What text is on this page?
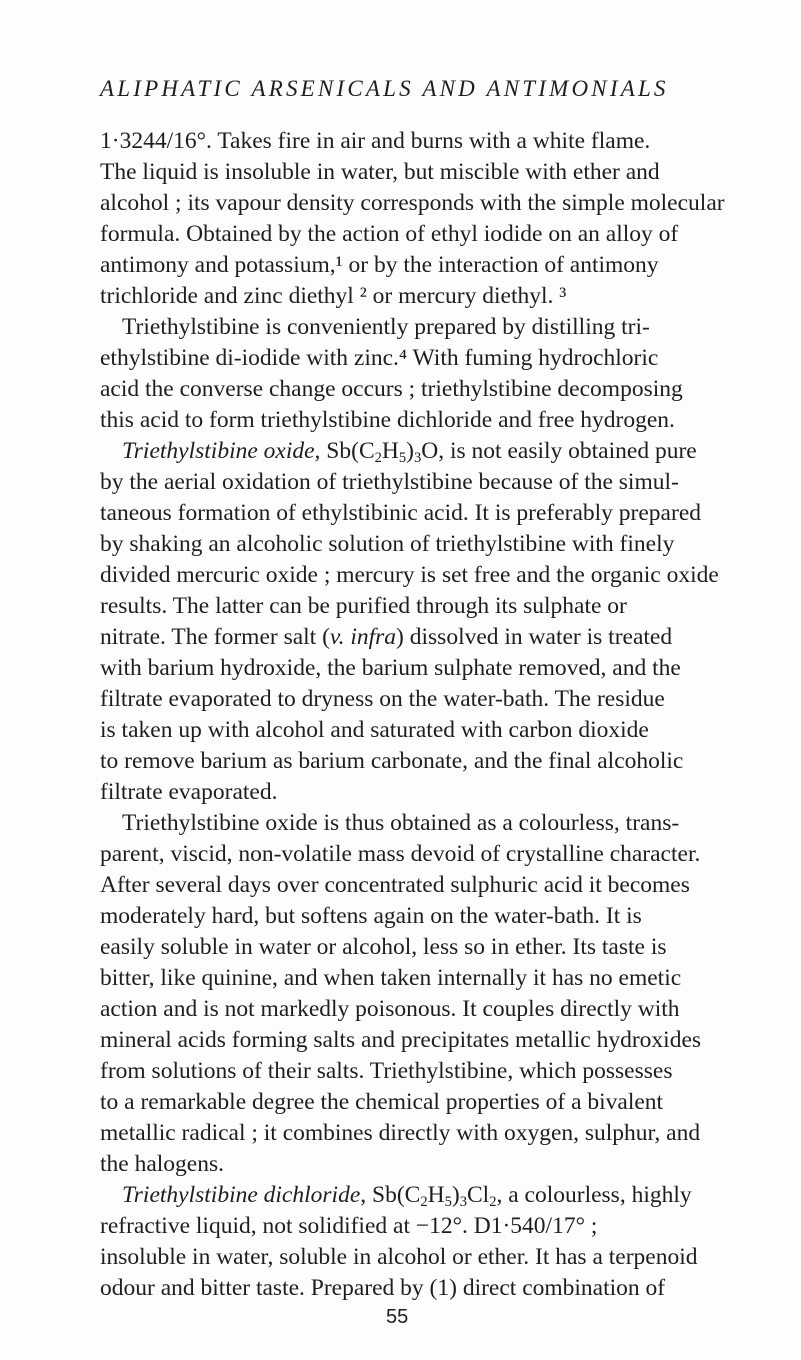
ALIPHATIC ARSENICALS AND ANTIMONIALS
1·3244/16°. Takes fire in air and burns with a white flame.
The liquid is insoluble in water, but miscible with ether and
alcohol ; its vapour density corresponds with the simple molecular
formula. Obtained by the action of ethyl iodide on an alloy of
antimony and potassium,¹ or by the interaction of antimony
trichloride and zinc diethyl ² or mercury diethyl. ³
Triethylstibine is conveniently prepared by distilling tri-
ethylstibine di-iodide with zinc.⁴ With fuming hydrochloric
acid the converse change occurs ; triethylstibine decomposing
this acid to form triethylstibine dichloride and free hydrogen.
Triethylstibine oxide, $Sb(C_2H_5)_3O$, is not easily obtained pure
by the aerial oxidation of triethylstibine because of the simul-
taneous formation of ethylstibinic acid. It is preferably prepared
by shaking an alcoholic solution of triethylstibine with finely
divided mercuric oxide ; mercury is set free and the organic oxide
results. The latter can be purified through its sulphate or
nitrate. The former salt (v. infra) dissolved in water is treated
with barium hydroxide, the barium sulphate removed, and the
filtrate evaporated to dryness on the water-bath. The residue
is taken up with alcohol and saturated with carbon dioxide
to remove barium as barium carbonate, and the final alcoholic
filtrate evaporated.
Triethylstibine oxide is thus obtained as a colourless, trans-
parent, viscid, non-volatile mass devoid of crystalline character.
After several days over concentrated sulphuric acid it becomes
moderately hard, but softens again on the water-bath. It is
easily soluble in water or alcohol, less so in ether. Its taste is
bitter, like quinine, and when taken internally it has no emetic
action and is not markedly poisonous. It couples directly with
mineral acids forming salts and precipitates metallic hydroxides
from solutions of their salts. Triethylstibine, which possesses
to a remarkable degree the chemical properties of a bivalent
metallic radical ; it combines directly with oxygen, sulphur, and
the halogens.
Triethylstibine dichloride, $Sb(C_2H_5)_3Cl_2$, a colourless, highly
refractive liquid, not solidified at −12°. D1·540/17° ;
insoluble in water, soluble in alcohol or ether. It has a terpenoid
odour and bitter taste. Prepared by (1) direct combination of
55
